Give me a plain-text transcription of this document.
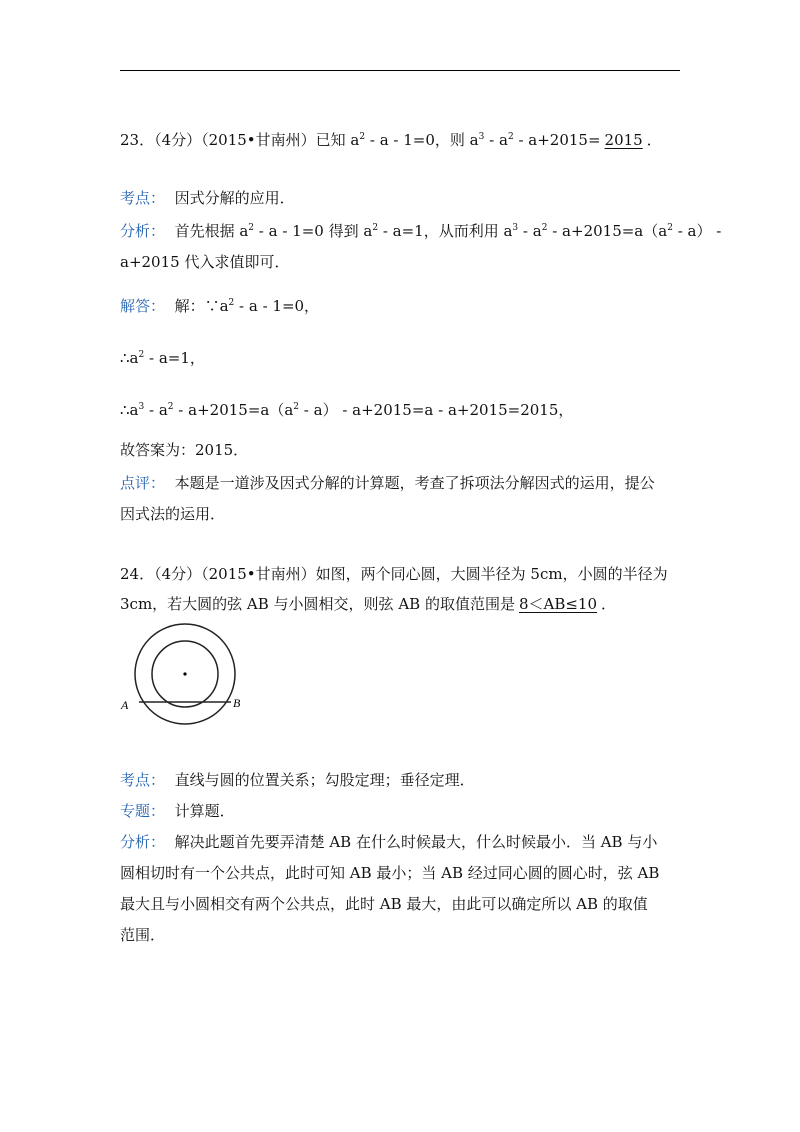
23．（4分）（2015•甘南州）已知 $a^2 - a - 1=0$，则 $a^3 - a^2 - a+2015= 2015$ ．
考点： 因式分解的应用．
分析： 首先根据 $a^2 - a - 1=0$ 得到 $a^2 - a=1$，从而利用 $a^3 - a^2 - a+2015=a(a^2 - a)$ -
a+2015 代入求值即可．
解答： 解：$\because a^2 - a - 1=0$，
$\therefore a^2 - a=1$，
$\therefore a^3 - a^2 - a+2015=a(a^2 - a) - a+2015=a - a+2015=2015$，
故答案为：2015．
点评： 本题是一道涉及因式分解的计算题，考查了拆项法分解因式的运用，提公
因式法的运用．
24．（4分）（2015•甘南州）如图，两个同心圆，大圆半径为 5cm，小圆的半径为
3cm，若大圆的弦 AB 与小圆相交，则弦 AB 的取值范围是 8＜AB≤10 ．
A	B
考点： 直线与圆的位置关系；勾股定理；垂径定理．
专题： 计算题．
分析： 解决此题首先要弄清楚 AB 在什么时候最大，什么时候最小．当 AB 与小
圆相切时有一个公共点，此时可知 AB 最小；当 AB 经过同心圆的圆心时，弦 AB
最大且与小圆相交有两个公共点，此时 AB 最大，由此可以确定所以 AB 的取值
范围．
